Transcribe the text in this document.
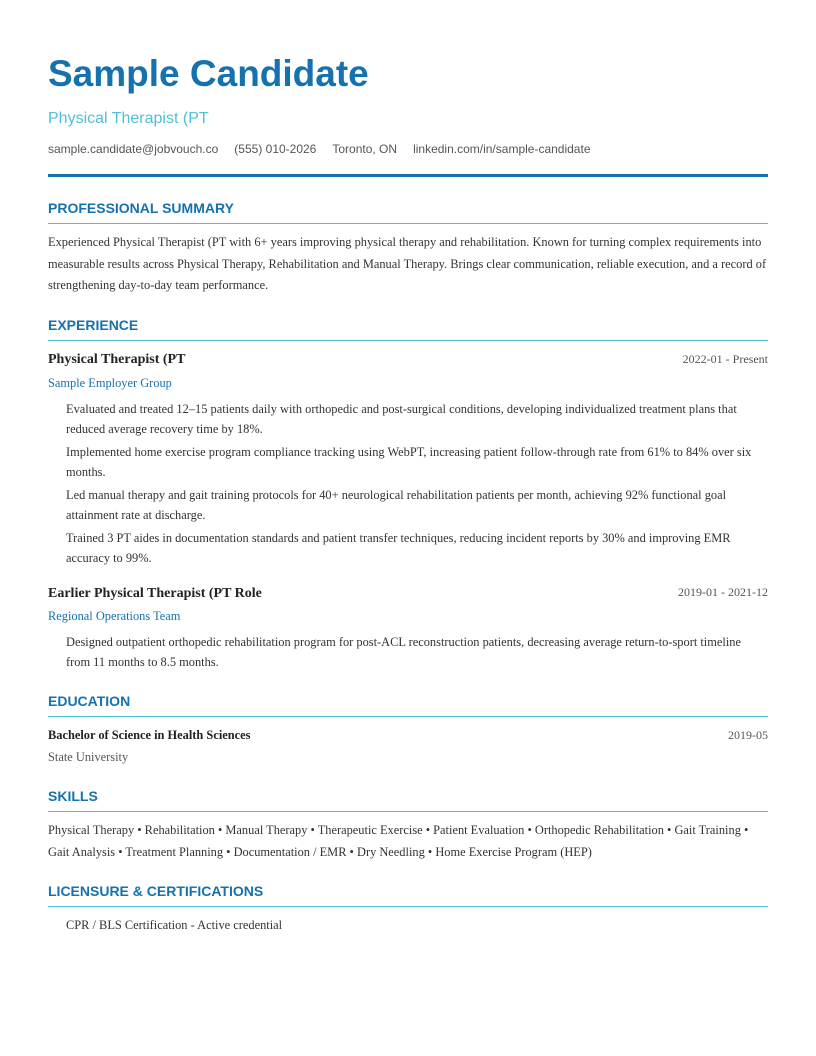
Sample Candidate
Physical Therapist (PT
sample.candidate@jobvouch.co (555) 010-2026 Toronto, ON linkedin.com/in/sample-candidate
PROFESSIONAL SUMMARY
Experienced Physical Therapist (PT with 6+ years improving physical therapy and rehabilitation. Known for turning complex requirements into measurable results across Physical Therapy, Rehabilitation and Manual Therapy. Brings clear communication, reliable execution, and a record of strengthening day-to-day team performance.
EXPERIENCE
Physical Therapist (PT	2022-01 - Present
Sample Employer Group
Evaluated and treated 12–15 patients daily with orthopedic and post-surgical conditions, developing individualized treatment plans that reduced average recovery time by 18%.
Implemented home exercise program compliance tracking using WebPT, increasing patient follow-through rate from 61% to 84% over six months.
Led manual therapy and gait training protocols for 40+ neurological rehabilitation patients per month, achieving 92% functional goal attainment rate at discharge.
Trained 3 PT aides in documentation standards and patient transfer techniques, reducing incident reports by 30% and improving EMR accuracy to 99%.
Earlier Physical Therapist (PT Role	2019-01 - 2021-12
Regional Operations Team
Designed outpatient orthopedic rehabilitation program for post-ACL reconstruction patients, decreasing average return-to-sport timeline from 11 months to 8.5 months.
EDUCATION
Bachelor of Science in Health Sciences	2019-05
State University
SKILLS
Physical Therapy • Rehabilitation • Manual Therapy • Therapeutic Exercise • Patient Evaluation • Orthopedic Rehabilitation • Gait Training • Gait Analysis • Treatment Planning • Documentation / EMR • Dry Needling • Home Exercise Program (HEP)
LICENSURE & CERTIFICATIONS
CPR / BLS Certification - Active credential
